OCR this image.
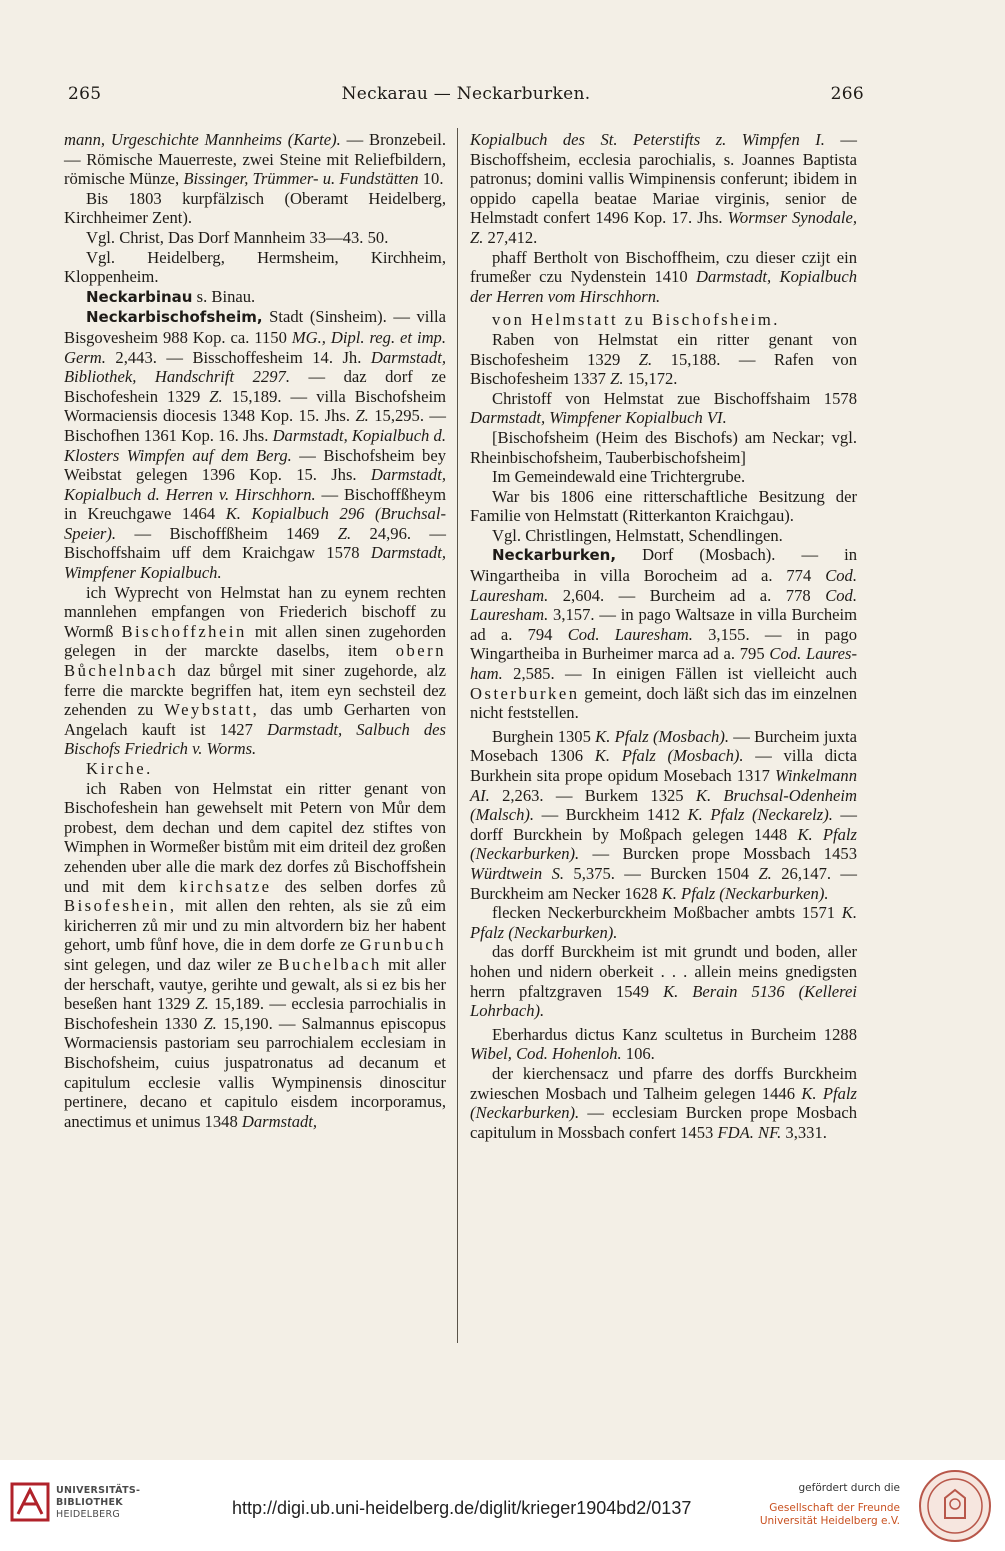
265	Neckarau — Neckarburken.	266

mann, Urgeschichte Mannheims (Karte). — Bronzebeil. — Römische Mauerreste, zwei Steine mit Reliefbildern, römische Münze, Bissinger, Trümmer- u. Fundstätten 10.

Bis 1803 kurpfälzisch (Oberamt Heidelberg, Kirchheimer Zent).

Vgl. Christ, Das Dorf Mannheim 33—43. 50.

Vgl. Heidelberg, Hermsheim, Kirchheim, Kloppenheim.

Neckarbinau s. Binau.

Neckarbischofsheim, Stadt (Sinsheim). — villa Bisgovesheim 988 Kop. ca. 1150 MG., Dipl. reg. et imp. Germ. 2,443. — Bisschoffesheim 14. Jh. Darmstadt, Bibliothek, Handschrift 2297. — daz dorf ze Bischofeshein 1329 Z. 15,189. — villa Bischofsheim Wormaciensis diocesis 1348 Kop. 15. Jhs. Z. 15,295. — Bischofhen 1361 Kop. 16. Jhs. Darmstadt, Kopialbuch d. Klosters Wimpfen auf dem Berg. — Bischofsheim bey Weibstat gelegen 1396 Kop. 15. Jhs. Darmstadt, Kopialbuch d. Herren v. Hirschhorn. — Bischoffßheym in Kreuchgawe 1464 K. Kopialbuch 296 (Bruchsal-Speier). — Bischoffßheim 1469 Z. 24,96. — Bischoffshaim uff dem Kraichgaw 1578 Darmstadt, Wimpfener Kopialbuch.

ich Wyprecht von Helmstat han zu eynem rechten mannlehen empfangen von Friederich bischoff zu Wormß Bischoffzhein mit allen sinen zugehorden gelegen in der marckte daselbs, item obern Bůchelnbach daz bůrgel mit siner zugehorde, alz ferre die marckte begriffen hat, item eyn sechsteil dez zehenden zu Weybstatt, das umb Gerharten von Angelach kauft ist 1427 Darmstadt, Salbuch des Bischofs Friedrich v. Worms.

Kirche.

ich Raben von Helmstat ein ritter genant von Bischofeshein han gewehselt mit Petern von Můr dem probest, dem dechan und dem capitel dez stiftes von Wimphen in Wormeßer bistům mit eim driteil dez großen zehenden uber alle die mark dez dorfes zů Bischoffshein und mit dem kirchsatze des selben dorfes zů Bisofeshein, mit allen den rehten, als sie zů eim kiricherren zů mir und zu min altvordern biz her habent gehort, umb fůnf hove, die in dem dorfe ze Grunbuch sint gelegen, und daz wiler ze Buchelbach mit aller der herschaft, vautye, gerihte und gewalt, als si ez bis her beseßen hant 1329 Z. 15,189. — ecclesia parrochialis in Bischofeshein 1330 Z. 15,190. — Salmannus episcopus Wormaciensis pastoriam seu parrochialem ecclesiam in Bischofsheim, cuius juspatronatus ad decanum et capitulum ecclesie vallis Wympinensis dinoscitur pertinere, decano et capitulo eisdem incorporamus, anectimus et unimus 1348 Darmstadt,

Kopialbuch des St. Peterstifts z. Wimpfen I. — Bischoffsheim, ecclesia parochialis, s. Joannes Baptista patronus; domini vallis Wimpinensis conferunt; ibidem in oppido capella beatae Mariae virginis, senior de Helmstadt confert 1496 Kop. 17. Jhs. Wormser Synodale, Z. 27,412.

phaff Bertholt von Bischoffheim, czu dieser czijt ein frumeßer czu Nydenstein 1410 Darmstadt, Kopialbuch der Herren vom Hirschhorn.

von Helmstatt zu Bischofsheim.

Raben von Helmstat ein ritter genant von Bischofesheim 1329 Z. 15,188. — Rafen von Bischofesheim 1337 Z. 15,172.

Christoff von Helmstat zue Bischoffshaim 1578 Darmstadt, Wimpfener Kopialbuch VI.

[Bischofsheim (Heim des Bischofs) am Neckar; vgl. Rheinbischofsheim, Tauberbischofsheim]

Im Gemeindewald eine Trichtergrube.

War bis 1806 eine ritterschaftliche Besitzung der Familie von Helmstatt (Ritterkanton Kraichgau).

Vgl. Christlingen, Helmstatt, Schendlingen.

Neckarburken, Dorf (Mosbach). — in Wingartheiba in villa Borocheim ad a. 774 Cod. Lauresham. 2,604. — Burcheim ad a. 778 Cod. Lauresham. 3,157. — in pago Waltsaze in villa Burcheim ad a. 794 Cod. Lauresham. 3,155. — in pago Wingartheiba in Burheimer marca ad a. 795 Cod. Laures-ham. 2,585. — In einigen Fällen ist vielleicht auch Osterburken gemeint, doch läßt sich das im einzelnen nicht feststellen.

Burghein 1305 K. Pfalz (Mosbach). — Burcheim juxta Mosebach 1306 K. Pfalz (Mosbach). — villa dicta Burkhein sita prope opidum Mosebach 1317 Winkelmann AI. 2,263. — Burkem 1325 K. Bruchsal-Odenheim (Malsch). — Burckheim 1412 K. Pfalz (Neckarelz). — dorff Burckhein by Moßpach gelegen 1448 K. Pfalz (Neckarburken). — Burcken prope Mossbach 1453 Würdtwein S. 5,375. — Burcken 1504 Z. 26,147. — Burckheim am Necker 1628 K. Pfalz (Neckarburken).

flecken Neckerburckheim Moßbacher ambts 1571 K. Pfalz (Neckarburken).

das dorff Burckheim ist mit grundt und boden, aller hohen und nidern oberkeit . . . allein meins gnedigsten herrn pfaltzgraven 1549 K. Berain 5136 (Kellerei Lohrbach).

Eberhardus dictus Kanz scultetus in Burcheim 1288 Wibel, Cod. Hohenloh. 106.

der kierchensacz und pfarre des dorffs Burckheim zwieschen Mosbach und Talheim gelegen 1446 K. Pfalz (Neckarburken). — ecclesiam Burcken prope Mosbach capitulum in Mossbach confert 1453 FDA. NF. 3,331.

UNIVERSITÄTS-
BIBLIOTHEK
HEIDELBERG	http://digi.ub.uni-heidelberg.de/diglit/krieger1904bd2/0137
gefördert durch die
Gesellschaft der Freunde
Universität Heidelberg e.V.
